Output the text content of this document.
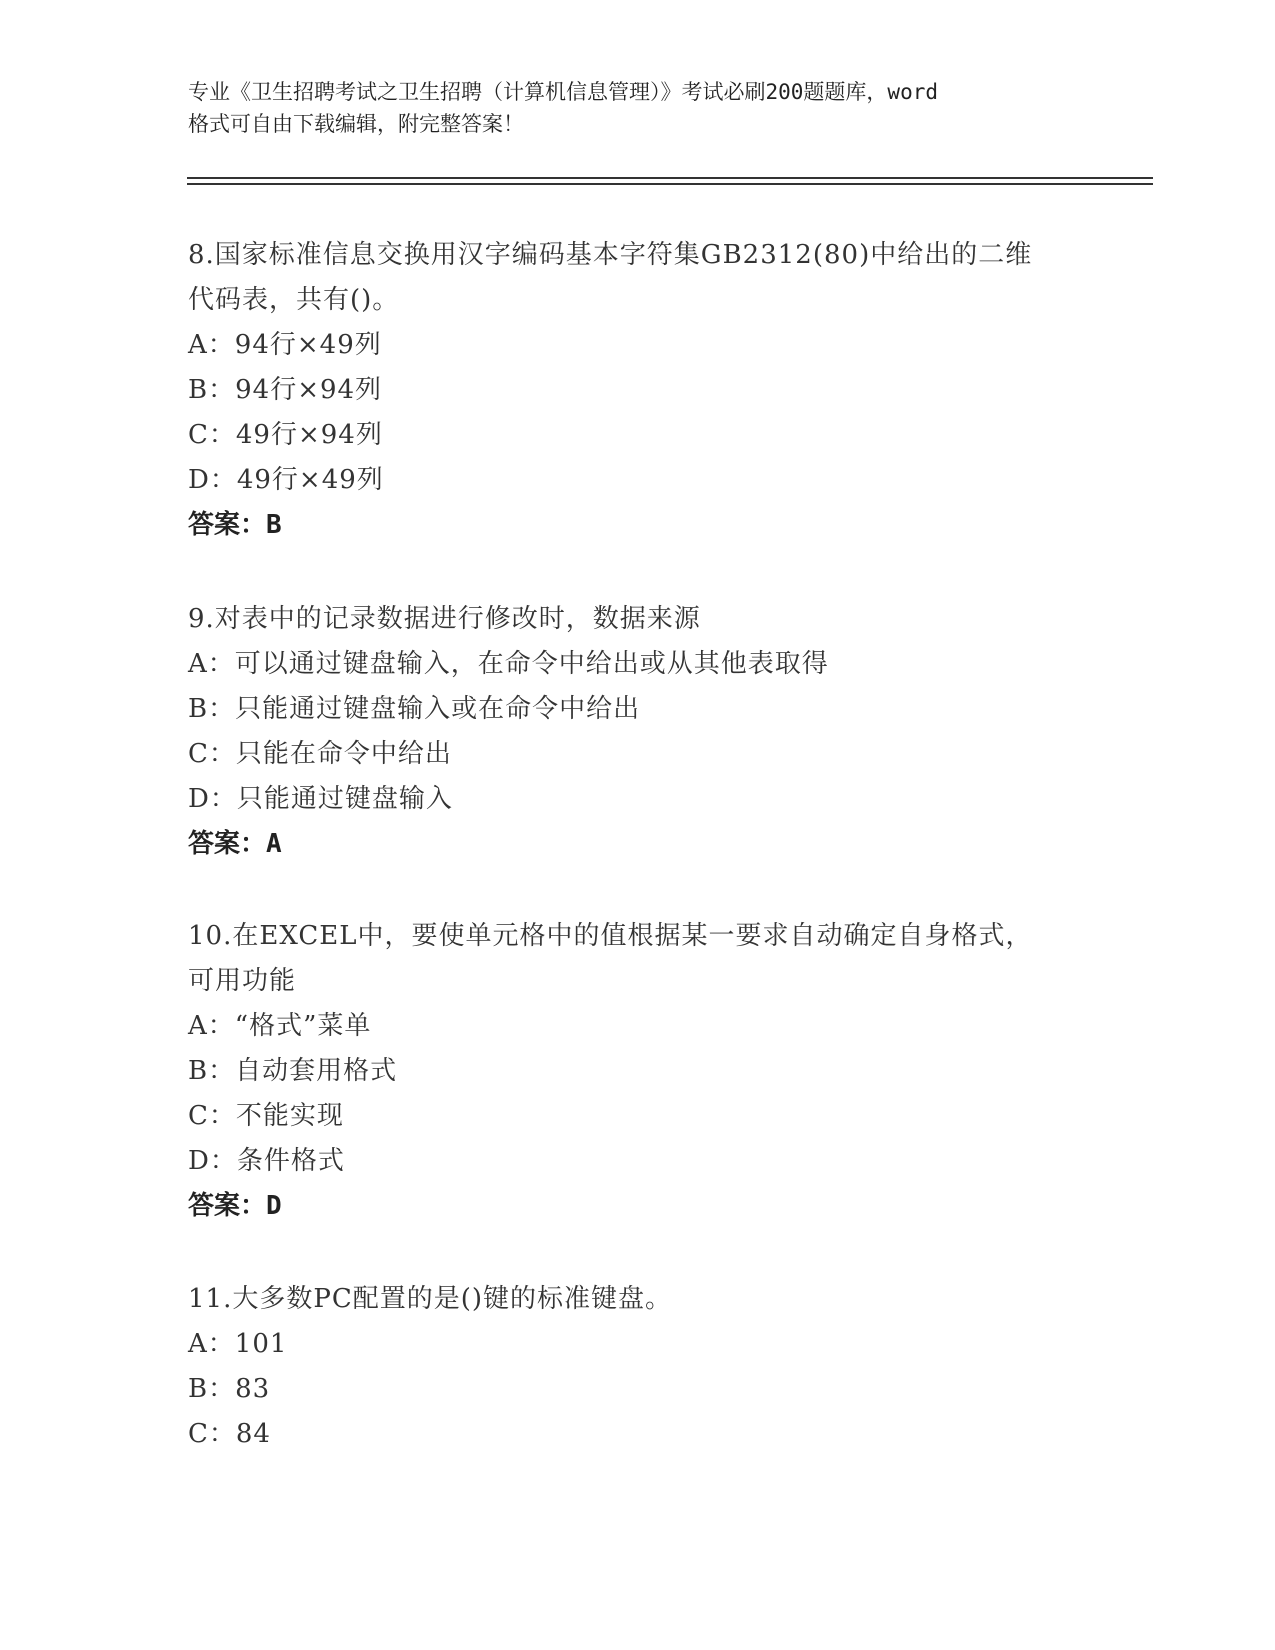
专业《卫生招聘考试之卫生招聘（计算机信息管理）》考试必刷200题题库，word
格式可自由下载编辑，附完整答案！
8.国家标准信息交换用汉字编码基本字符集GB2312(80)中给出的二维
代码表，共有()。
A：94行×49列
B：94行×94列
C：49行×94列
D：49行×49列
答案：B
9.对表中的记录数据进行修改时，数据来源
A：可以通过键盘输入，在命令中给出或从其他表取得
B：只能通过键盘输入或在命令中给出
C：只能在命令中给出
D：只能通过键盘输入
答案：A
10.在EXCEL中，要使单元格中的值根据某一要求自动确定自身格式，
可用功能
A：“格式”菜单
B：自动套用格式
C：不能实现
D：条件格式
答案：D
11.大多数PC配置的是()键的标准键盘。
A：101
B：83
C：84
